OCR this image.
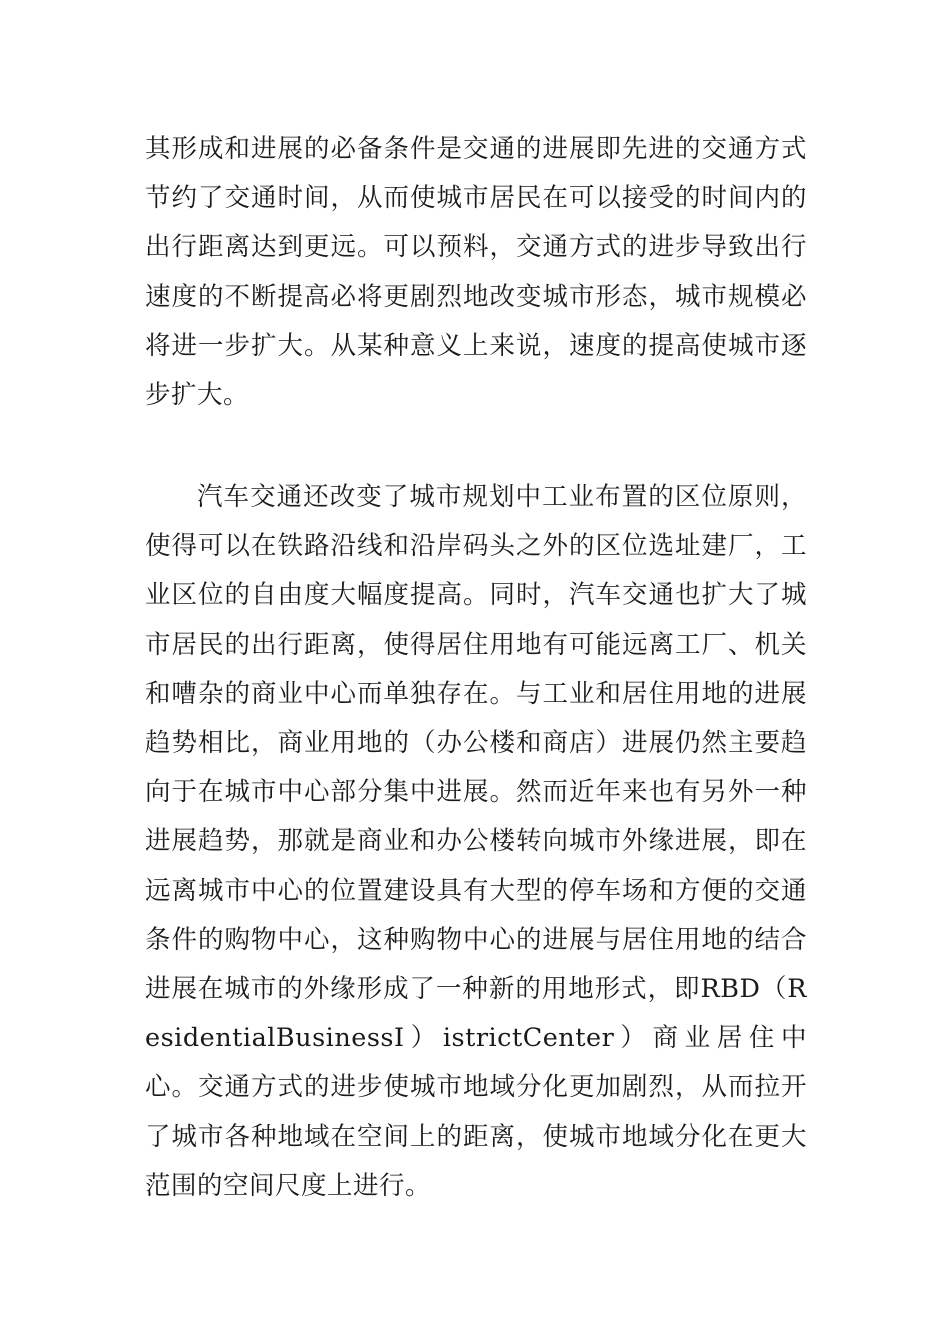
其形成和进展的必备条件是交通的进展即先进的交通方式节约了交通时间，从而使城市居民在可以接受的时间内的出行距离达到更远。可以预料，交通方式的进步导致出行速度的不断提高必将更剧烈地改变城市形态，城市规模必将进一步扩大。从某种意义上来说，速度的提高使城市逐步扩大。

汽车交通还改变了城市规划中工业布置的区位原则，使得可以在铁路沿线和沿岸码头之外的区位选址建厂，工业区位的自由度大幅度提高。同时，汽车交通也扩大了城市居民的出行距离，使得居住用地有可能远离工厂、机关和嘈杂的商业中心而单独存在。与工业和居住用地的进展趋势相比，商业用地的（办公楼和商店）进展仍然主要趋向于在城市中心部分集中进展。然而近年来也有另外一种进展趋势，那就是商业和办公楼转向城市外缘进展，即在远离城市中心的位置建设具有大型的停车场和方便的交通条件的购物中心，这种购物中心的进展与居住用地的结合进展在城市的外缘形成了一种新的用地形式，即RBD（ResidentialBusinessI）istrictCenter）商业居住中心。交通方式的进步使城市地域分化更加剧烈，从而拉开了城市各种地域在空间上的距离，使城市地域分化在更大范围的空间尺度上进行。
